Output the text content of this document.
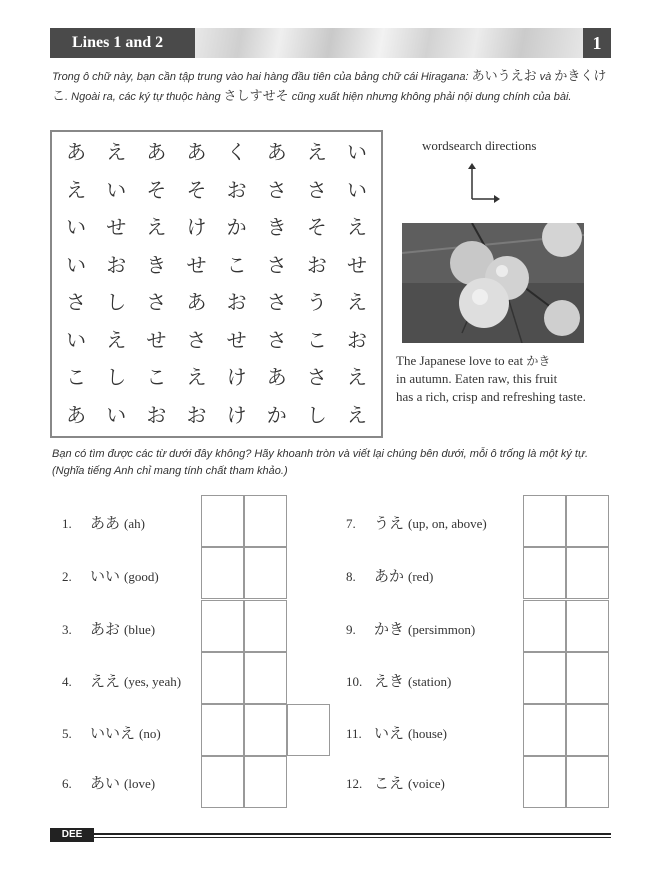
Lines 1 and 2	1
Trong ô chữ này, bạn cần tập trung vào hai hàng đầu tiên của bảng chữ cái Hiragana: あいうえお và かきくけこ. Ngoài ra, các ký tự thuộc hàng さしすせそ cũng xuất hiện nhưng không phải nội dung chính của bài.
あ	え	あ	あ	く	あ	え	い
え	い	そ	そ	お	さ	さ	い
い	せ	え	け	か	き	そ	え
い	お	き	せ	こ	さ	お	せ
さ	し	さ	あ	お	さ	う	え
い	え	せ	さ	せ	さ	こ	お
こ	し	こ	え	け	あ	さ	え
あ	い	お	お	け	か	し	え
wordsearch directions
The Japanese love to eat かき
in autumn. Eaten raw, this fruit
has a rich, crisp and refreshing taste.
Bạn có tìm được các từ dưới đây không? Hãy khoanh tròn và viết lại chúng bên dưới, mỗi ô trống là một ký tự. (Nghĩa tiếng Anh chỉ mang tính chất tham khảo.)
1. ああ (ah)
2. いい (good)
3. あお (blue)
4. ええ (yes, yeah)
5. いいえ (no)
6. あい (love)
7. うえ (up, on, above)
8. あか (red)
9. かき (persimmon)
10. えき (station)
11. いえ (house)
12. こえ (voice)
DEE
